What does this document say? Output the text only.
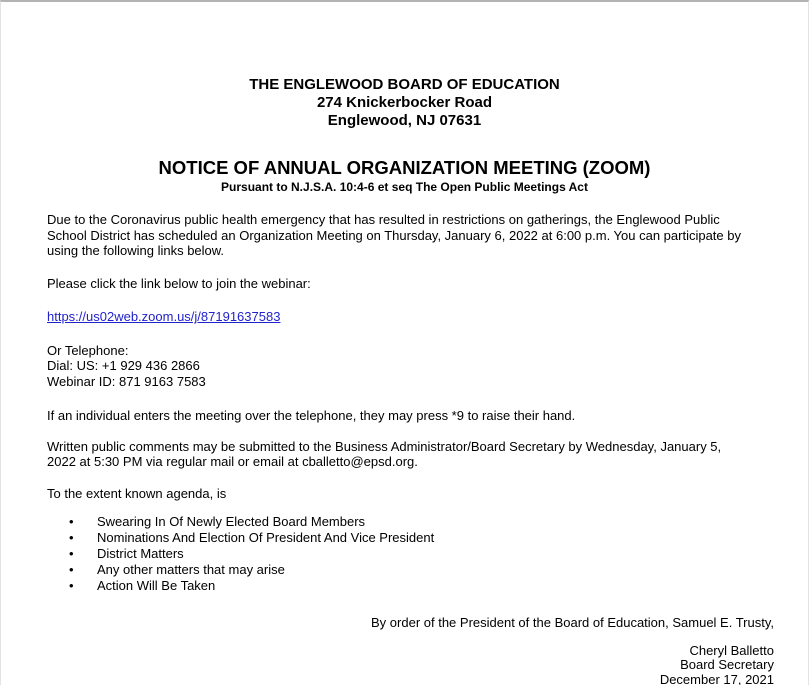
THE ENGLEWOOD BOARD OF EDUCATION
274 Knickerbocker Road
Englewood, NJ 07631
NOTICE OF ANNUAL ORGANIZATION MEETING (ZOOM)
Pursuant to N.J.S.A. 10:4-6 et seq The Open Public Meetings Act
Due to the Coronavirus public health emergency that has resulted in restrictions on gatherings, the Englewood Public
School District has scheduled an Organization Meeting on Thursday, January 6, 2022 at 6:00 p.m. You can participate by
using the following links below.
Please click the link below to join the webinar:
https://us02web.zoom.us/j/87191637583
Or Telephone:
Dial: US: +1 929 436 2866
Webinar ID: 871 9163 7583
If an individual enters the meeting over the telephone, they may press *9 to raise their hand.
Written public comments may be submitted to the Business Administrator/Board Secretary by Wednesday, January 5,
2022 at 5:30 PM via regular mail or email at cballetto@epsd.org.
To the extent known agenda, is
•
Swearing In Of Newly Elected Board Members
•
Nominations And Election Of President And Vice President
•
District Matters
•
Any other matters that may arise
•
Action Will Be Taken
By order of the President of the Board of Education, Samuel E. Trusty,
Cheryl Balletto
Board Secretary
December 17, 2021
